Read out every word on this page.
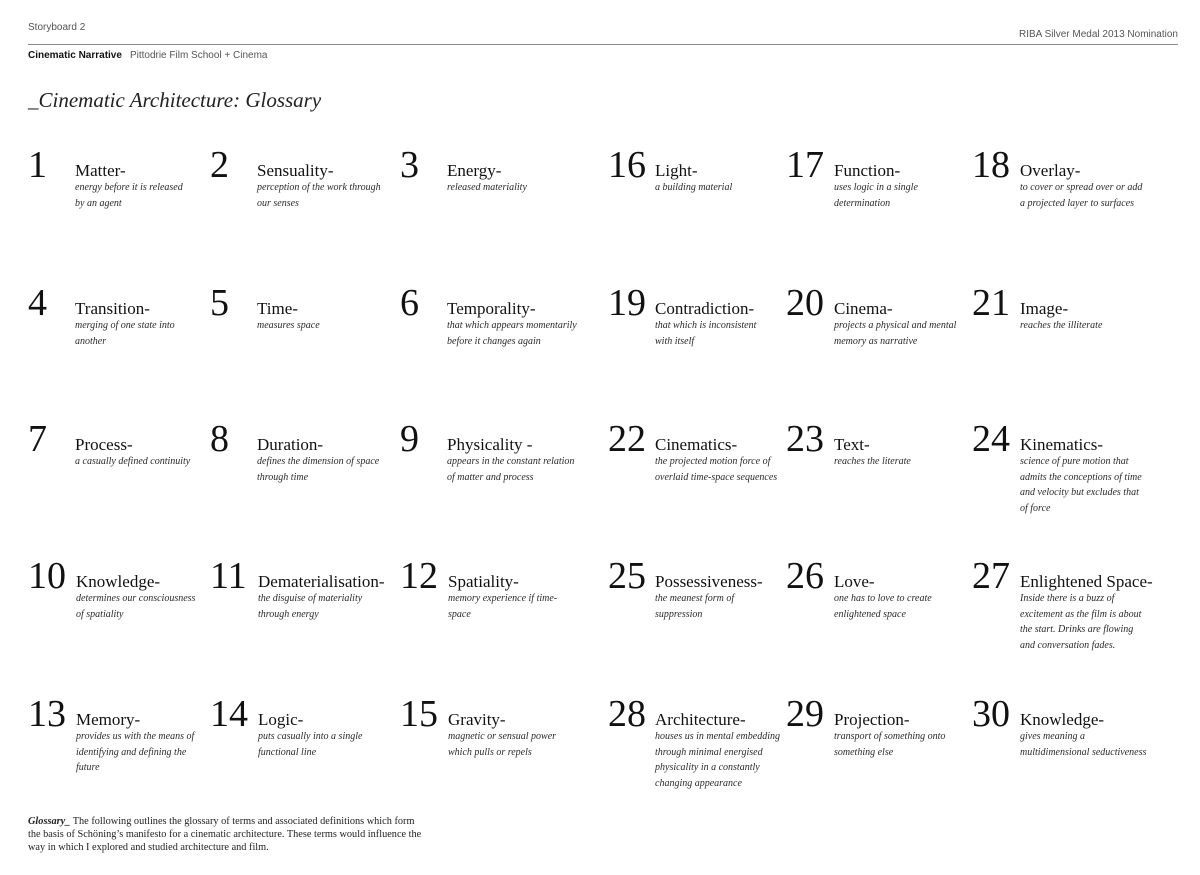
Storyboard 2
RIBA Silver Medal 2013 Nomination
Cinematic Narrative Pittodrie Film School + Cinema
_Cinematic Architecture: Glossary
1 Matter-
energy before it is released
by an agent
2 Sensuality-
perception of the work through
our senses
3 Energy-
released materiality
16 Light-
a building material
17 Function-
uses logic in a single
determination
18 Overlay-
to cover or spread over or add
a projected layer to surfaces
4 Transition-
merging of one state into
another
5 Time-
measures space
6 Temporality-
that which appears momentarily
before it changes again
19 Contradiction-
that which is inconsistent
with itself
20 Cinema-
projects a physical and mental
memory as narrative
21 Image-
reaches the illiterate
7 Process-
a casually defined continuity
8 Duration-
defines the dimension of space
through time
9 Physicality -
appears in the constant relation
of matter and process
22 Cinematics-
the projected motion force of
overlaid time-space sequences
23 Text-
reaches the literate
24 Kinematics-
science of pure motion that
admits the conceptions of time
and velocity but excludes that
of force
10 Knowledge-
determines our consciousness
of spatiality
11 Dematerialisation-
the disguise of materiality
through energy
12 Spatiality-
memory experience if time-
space
25 Possessiveness-
the meanest form of
suppression
26 Love-
one has to love to create
enlightened space
27 Enlightened Space-
Inside there is a buzz of
excitement as the film is about
the start. Drinks are flowing
and conversation fades.
13 Memory-
provides us with the means of
identifying and defining the
future
14 Logic-
puts casually into a single
functional line
15 Gravity-
magnetic or sensual power
which pulls or repels
28 Architecture-
houses us in mental embedding
through minimal energised
physicality in a constantly
changing appearance
29 Projection-
transport of something onto
something else
30 Knowledge-
gives meaning a
multidimensional seductiveness
Glossary_ The following outlines the glossary of terms and associated definitions which form the basis of Schöning’s manifesto for a cinematic architecture. These terms would influence the way in which I explored and studied architecture and film.
